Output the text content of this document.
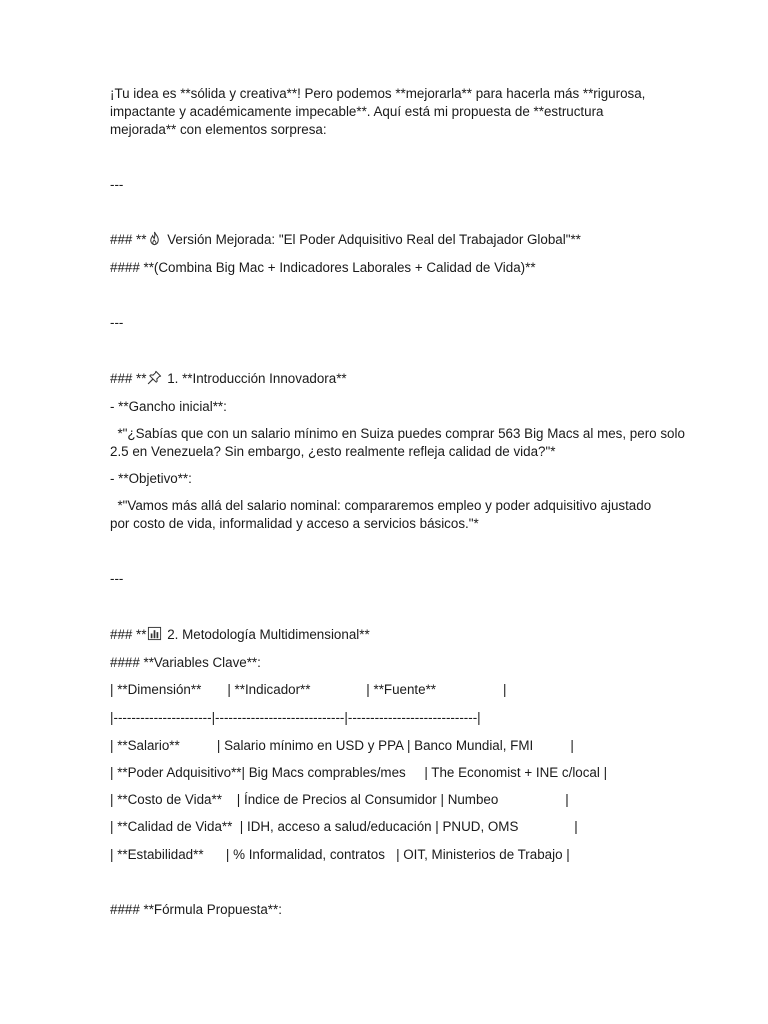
¡Tu idea es **sólida y creativa**! Pero podemos **mejorarla** para hacerla más **rigurosa,

impactante y académicamente impecable**. Aquí está mi propuesta de **estructura

mejorada** con elementos sorpresa:

---

### **
Versión Mejorada: "El Poder Adquisitivo Real del Trabajador Global"**

#### **(Combina Big Mac + Indicadores Laborales + Calidad de Vida)**

---

### **
1. **Introducción Innovadora**

- **Gancho inicial**:

*"¿Sabías que con un salario mínimo en Suiza puedes comprar 563 Big Macs al mes, pero solo

2.5 en Venezuela? Sin embargo, ¿esto realmente refleja calidad de vida?"*

- **Objetivo**:

*"Vamos más allá del salario nominal: compararemos empleo y poder adquisitivo ajustado

por costo de vida, informalidad y acceso a servicios básicos."*

---

### **
2. Metodología Multidimensional**

#### **Variables Clave**:

| **Dimensión**       | **Indicador**               | **Fuente**                  |

|----------------------|-----------------------------|-----------------------------|

| **Salario**          | Salario mínimo en USD y PPA | Banco Mundial, FMI          |

| **Poder Adquisitivo**| Big Macs comprables/mes     | The Economist + INE c/local |

| **Costo de Vida**    | Índice de Precios al Consumidor | Numbeo                  |

| **Calidad de Vida**  | IDH, acceso a salud/educación | PNUD, OMS               |

| **Estabilidad**      | % Informalidad, contratos   | OIT, Ministerios de Trabajo |

#### **Fórmula Propuesta**:
